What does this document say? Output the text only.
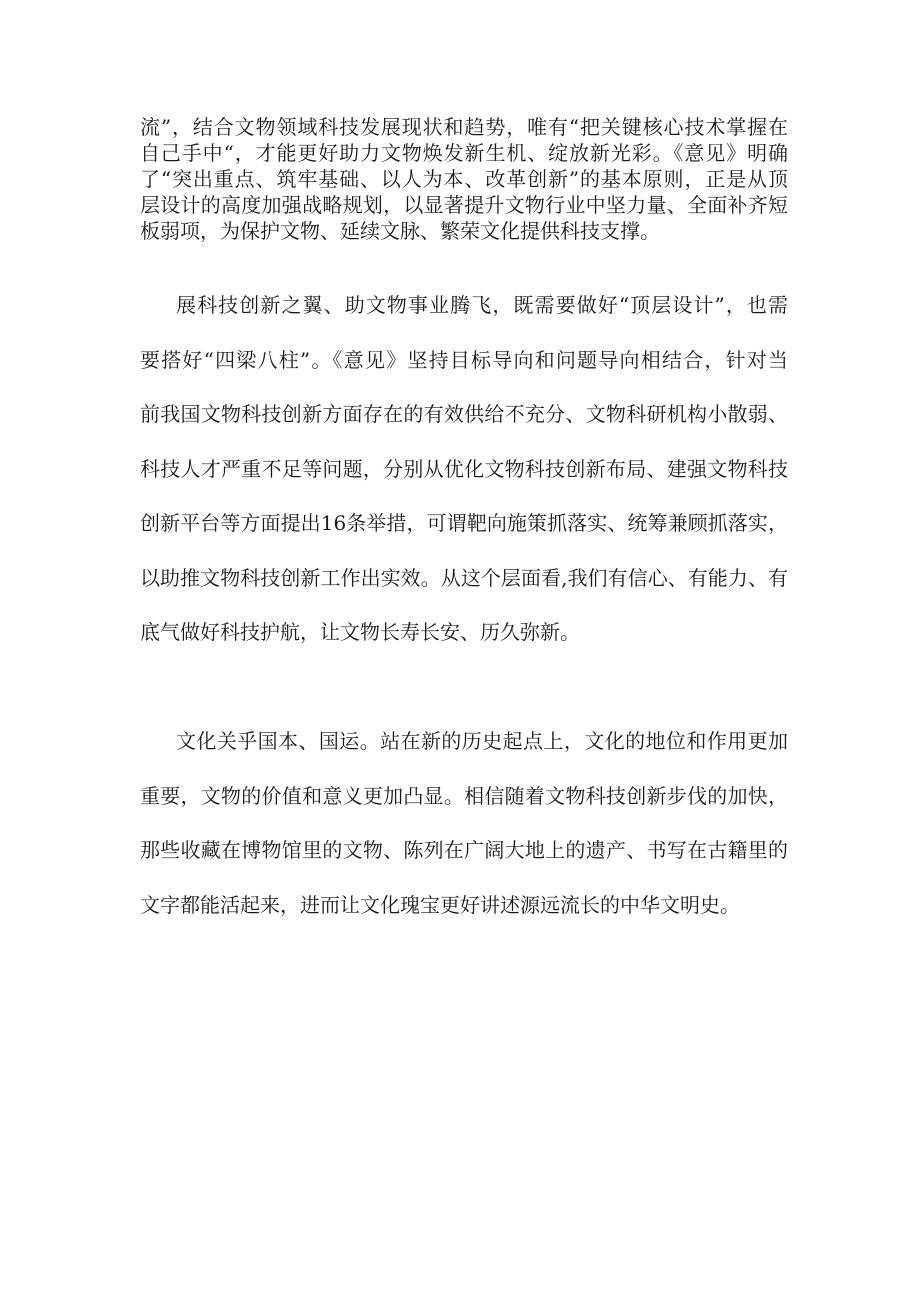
流”，结合文物领域科技发展现状和趋势，唯有“把关键核心技术掌握在
自己手中“，才能更好助力文物焕发新生机、绽放新光彩。《意见》明确
了“突出重点、筑牢基础、以人为本、改革创新”的基本原则，正是从顶
层设计的高度加强战略规划，以显著提升文物行业中坚力量、全面补齐短
板弱项，为保护文物、延续文脉、繁荣文化提供科技支撑。
展科技创新之翼、助文物事业腾飞，既需要做好“顶层设计”，也需
要搭好“四梁八柱”。《意见》坚持目标导向和问题导向相结合，针对当
前我国文物科技创新方面存在的有效供给不充分、文物科研机构小散弱、
科技人才严重不足等问题，分别从优化文物科技创新布局、建强文物科技
创新平台等方面提出16条举措，可谓靶向施策抓落实、统筹兼顾抓落实，
以助推文物科技创新工作出实效。从这个层面看,我们有信心、有能力、有
底气做好科技护航，让文物长寿长安、历久弥新。
文化关乎国本、国运。站在新的历史起点上，文化的地位和作用更加
重要，文物的价值和意义更加凸显。相信随着文物科技创新步伐的加快，
那些收藏在博物馆里的文物、陈列在广阔大地上的遗产、书写在古籍里的
文字都能活起来，进而让文化瑰宝更好讲述源远流长的中华文明史。
